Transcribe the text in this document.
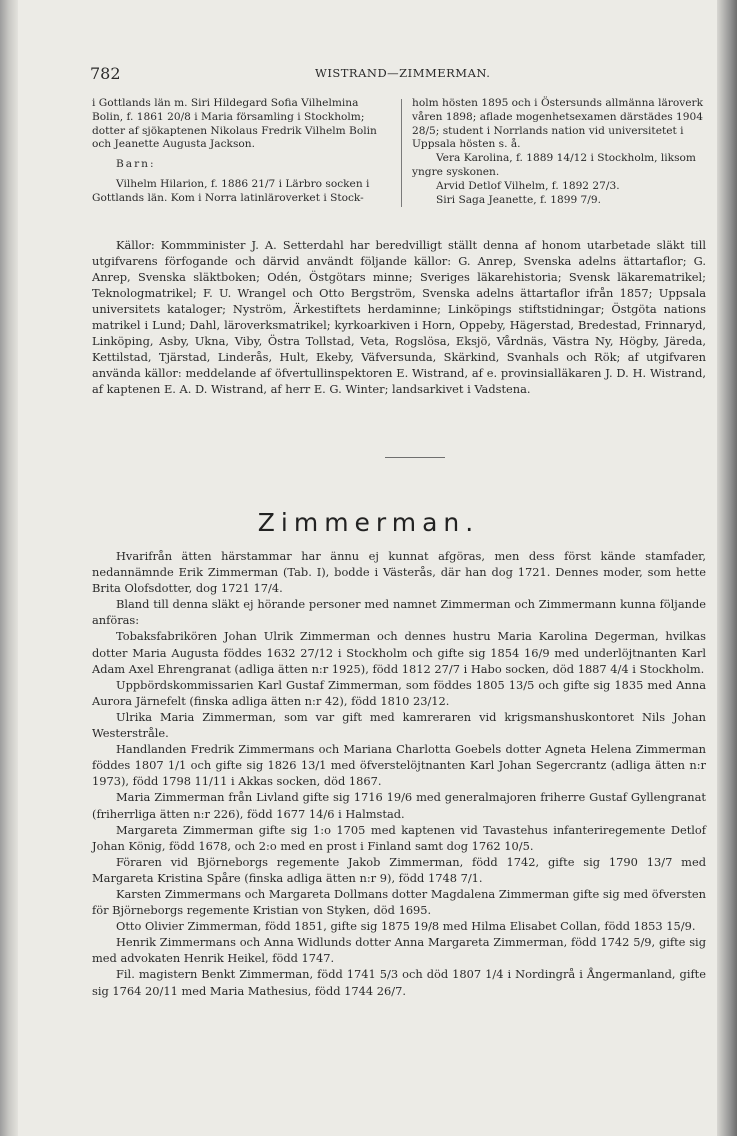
782	WISTRAND—ZIMMERMAN.

i Gottlands län m. Siri Hildegard Sofia Vilhelmina Bolin, f. 1861 20/8 i Maria församling i Stockholm; dotter af sjökaptenen Nikolaus Fredrik Vilhelm Bolin och Jeanette Augusta Jackson.

Barn:

Vilhelm Hilarion, f. 1886 21/7 i Lärbro socken i Gottlands län. Kom i Norra latinläroverket i Stock-

holm hösten 1895 och i Östersunds allmänna läroverk våren 1898; aflade mogenhetsexamen därstädes 1904 28/5; student i Norrlands nation vid universitetet i Uppsala hösten s. å.

Vera Karolina, f. 1889 14/12 i Stockholm, liksom yngre syskonen.

Arvid Detlof Vilhelm, f. 1892 27/3.

Siri Saga Jeanette, f. 1899 7/9.

Källor: Kommminister J. A. Setterdahl har beredvilligt ställt denna af honom utarbetade släkt till utgifvarens förfogande och därvid användt följande källor: G. Anrep, Svenska adelns ättartaflor; G. Anrep, Svenska släktboken; Odén, Östgötars minne; Sveriges läkarehistoria; Svensk läkarematrikel; Teknologmatrikel; F. U. Wrangel och Otto Bergström, Svenska adelns ättartaflor ifrån 1857; Uppsala universitets kataloger; Nyström, Ärkestiftets herdaminne; Linköpings stiftstidningar; Östgöta nations matrikel i Lund; Dahl, läroverksmatrikel; kyrkoarkiven i Horn, Oppeby, Hägerstad, Bredestad, Frinnaryd, Linköping, Asby, Ukna, Viby, Östra Tollstad, Veta, Rogslösa, Eksjö, Vårdnäs, Västra Ny, Högby, Järeda, Kettilstad, Tjärstad, Linderås, Hult, Ekeby, Väfversunda, Skärkind, Svanhals och Rök; af utgifvaren använda källor: meddelande af öfvertullinspektoren E. Wistrand, af e. provinsialläkaren J. D. H. Wistrand, af kaptenen E. A. D. Wistrand, af herr E. G. Winter; landsarkivet i Vadstena.

Zimmerman.

Hvarifrån ätten härstammar har ännu ej kunnat afgöras, men dess först kände stamfader, nedannämnde Erik Zimmerman (Tab. I), bodde i Västerås, där han dog 1721. Dennes moder, som hette Brita Olofsdotter, dog 1721 17/4.

Bland till denna släkt ej hörande personer med namnet Zimmerman och Zimmermann kunna följande anföras:

Tobaksfabrikören Johan Ulrik Zimmerman och dennes hustru Maria Karolina Degerman, hvilkas dotter Maria Augusta föddes 1632 27/12 i Stockholm och gifte sig 1854 16/9 med underlöjtnanten Karl Adam Axel Ehrengranat (adliga ätten n:r 1925), född 1812 27/7 i Habo socken, död 1887 4/4 i Stockholm.

Uppbördskommissarien Karl Gustaf Zimmerman, som föddes 1805 13/5 och gifte sig 1835 med Anna Aurora Järnefelt (finska adliga ätten n:r 42), född 1810 23/12.

Ulrika Maria Zimmerman, som var gift med kamreraren vid krigsmanshuskontoret Nils Johan Westerstråle.

Handlanden Fredrik Zimmermans och Mariana Charlotta Goebels dotter Agneta Helena Zimmerman föddes 1807 1/1 och gifte sig 1826 13/1 med öfverstelöjtnanten Karl Johan Segercrantz (adliga ätten n:r 1973), född 1798 11/11 i Akkas socken, död 1867.

Maria Zimmerman från Livland gifte sig 1716 19/6 med generalmajoren friherre Gustaf Gyllengranat (friherrliga ätten n:r 226), född 1677 14/6 i Halmstad.

Margareta Zimmerman gifte sig 1:o 1705 med kaptenen vid Tavastehus infanteriregemente Detlof Johan König, född 1678, och 2:o med en prost i Finland samt dog 1762 10/5.

Föraren vid Björneborgs regemente Jakob Zimmerman, född 1742, gifte sig 1790 13/7 med Margareta Kristina Spåre (finska adliga ätten n:r 9), född 1748 7/1.

Karsten Zimmermans och Margareta Dollmans dotter Magdalena Zimmerman gifte sig med öfversten för Björneborgs regemente Kristian von Styken, död 1695.

Otto Olivier Zimmerman, född 1851, gifte sig 1875 19/8 med Hilma Elisabet Collan, född 1853 15/9.

Henrik Zimmermans och Anna Widlunds dotter Anna Margareta Zimmerman, född 1742 5/9, gifte sig med advokaten Henrik Heikel, född 1747.

Fil. magistern Benkt Zimmerman, född 1741 5/3 och död 1807 1/4 i Nordingrå i Ångermanland, gifte sig 1764 20/11 med Maria Mathesius, född 1744 26/7.
